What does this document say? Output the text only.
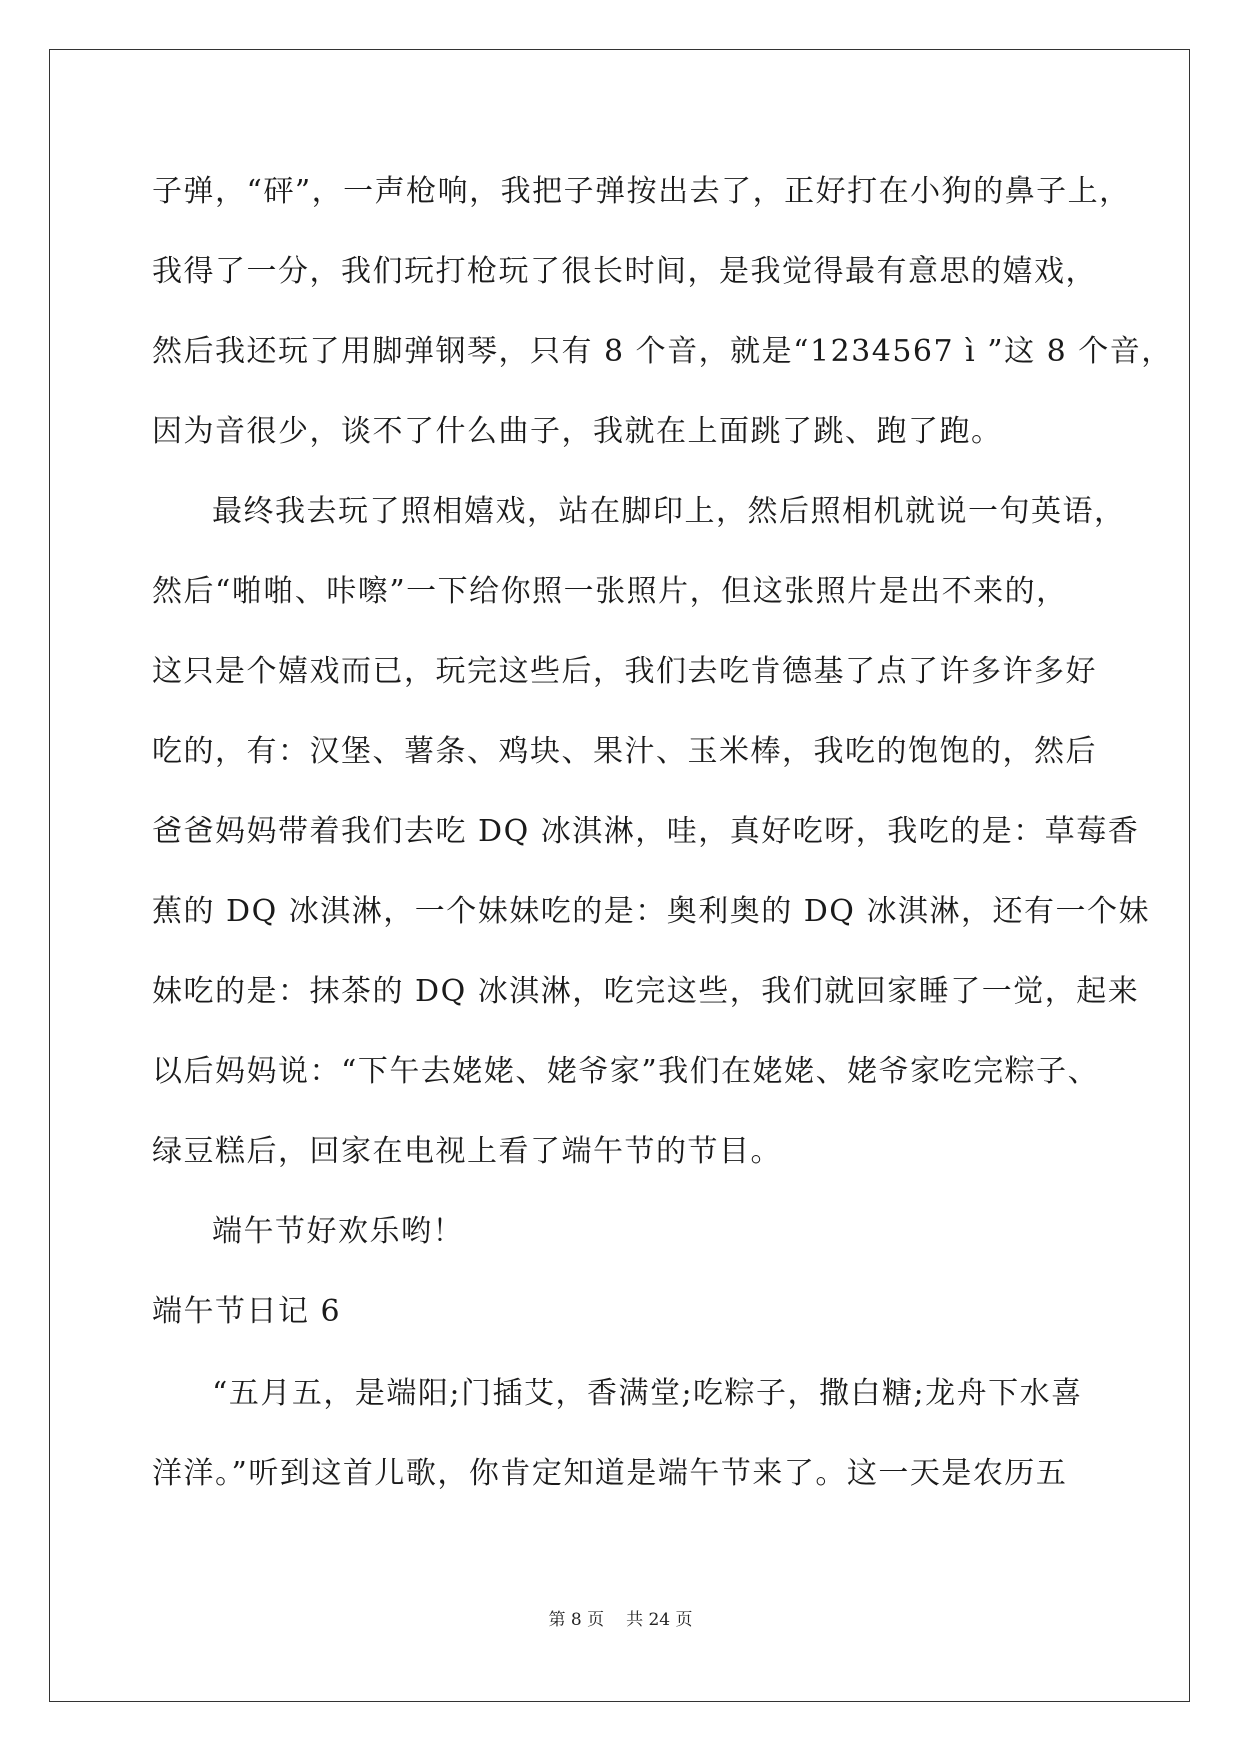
子弹，“砰”，一声枪响，我把子弹按出去了，正好打在小狗的鼻子上，
我得了一分，我们玩打枪玩了很长时间，是我觉得最有意思的嬉戏，
然后我还玩了用脚弹钢琴，只有 8 个音，就是“1234567 ì ”这 8 个音，
因为音很少，谈不了什么曲子，我就在上面跳了跳、跑了跑。
最终我去玩了照相嬉戏，站在脚印上，然后照相机就说一句英语，
然后“啪啪、咔嚓”一下给你照一张照片，但这张照片是出不来的，
这只是个嬉戏而已，玩完这些后，我们去吃肯德基了点了许多许多好
吃的，有：汉堡、薯条、鸡块、果汁、玉米棒，我吃的饱饱的，然后
爸爸妈妈带着我们去吃 DQ 冰淇淋，哇，真好吃呀，我吃的是：草莓香
蕉的 DQ 冰淇淋，一个妹妹吃的是：奥利奥的 DQ 冰淇淋，还有一个妹
妹吃的是：抹茶的 DQ 冰淇淋，吃完这些，我们就回家睡了一觉，起来
以后妈妈说：“下午去姥姥、姥爷家”我们在姥姥、姥爷家吃完粽子、
绿豆糕后，回家在电视上看了端午节的节目。
端午节好欢乐哟！
端午节日记 6
“五月五，是端阳;门插艾，香满堂;吃粽子，撒白糖;龙舟下水喜
洋洋。”听到这首儿歌，你肯定知道是端午节来了。这一天是农历五
第 8 页 共 24 页
